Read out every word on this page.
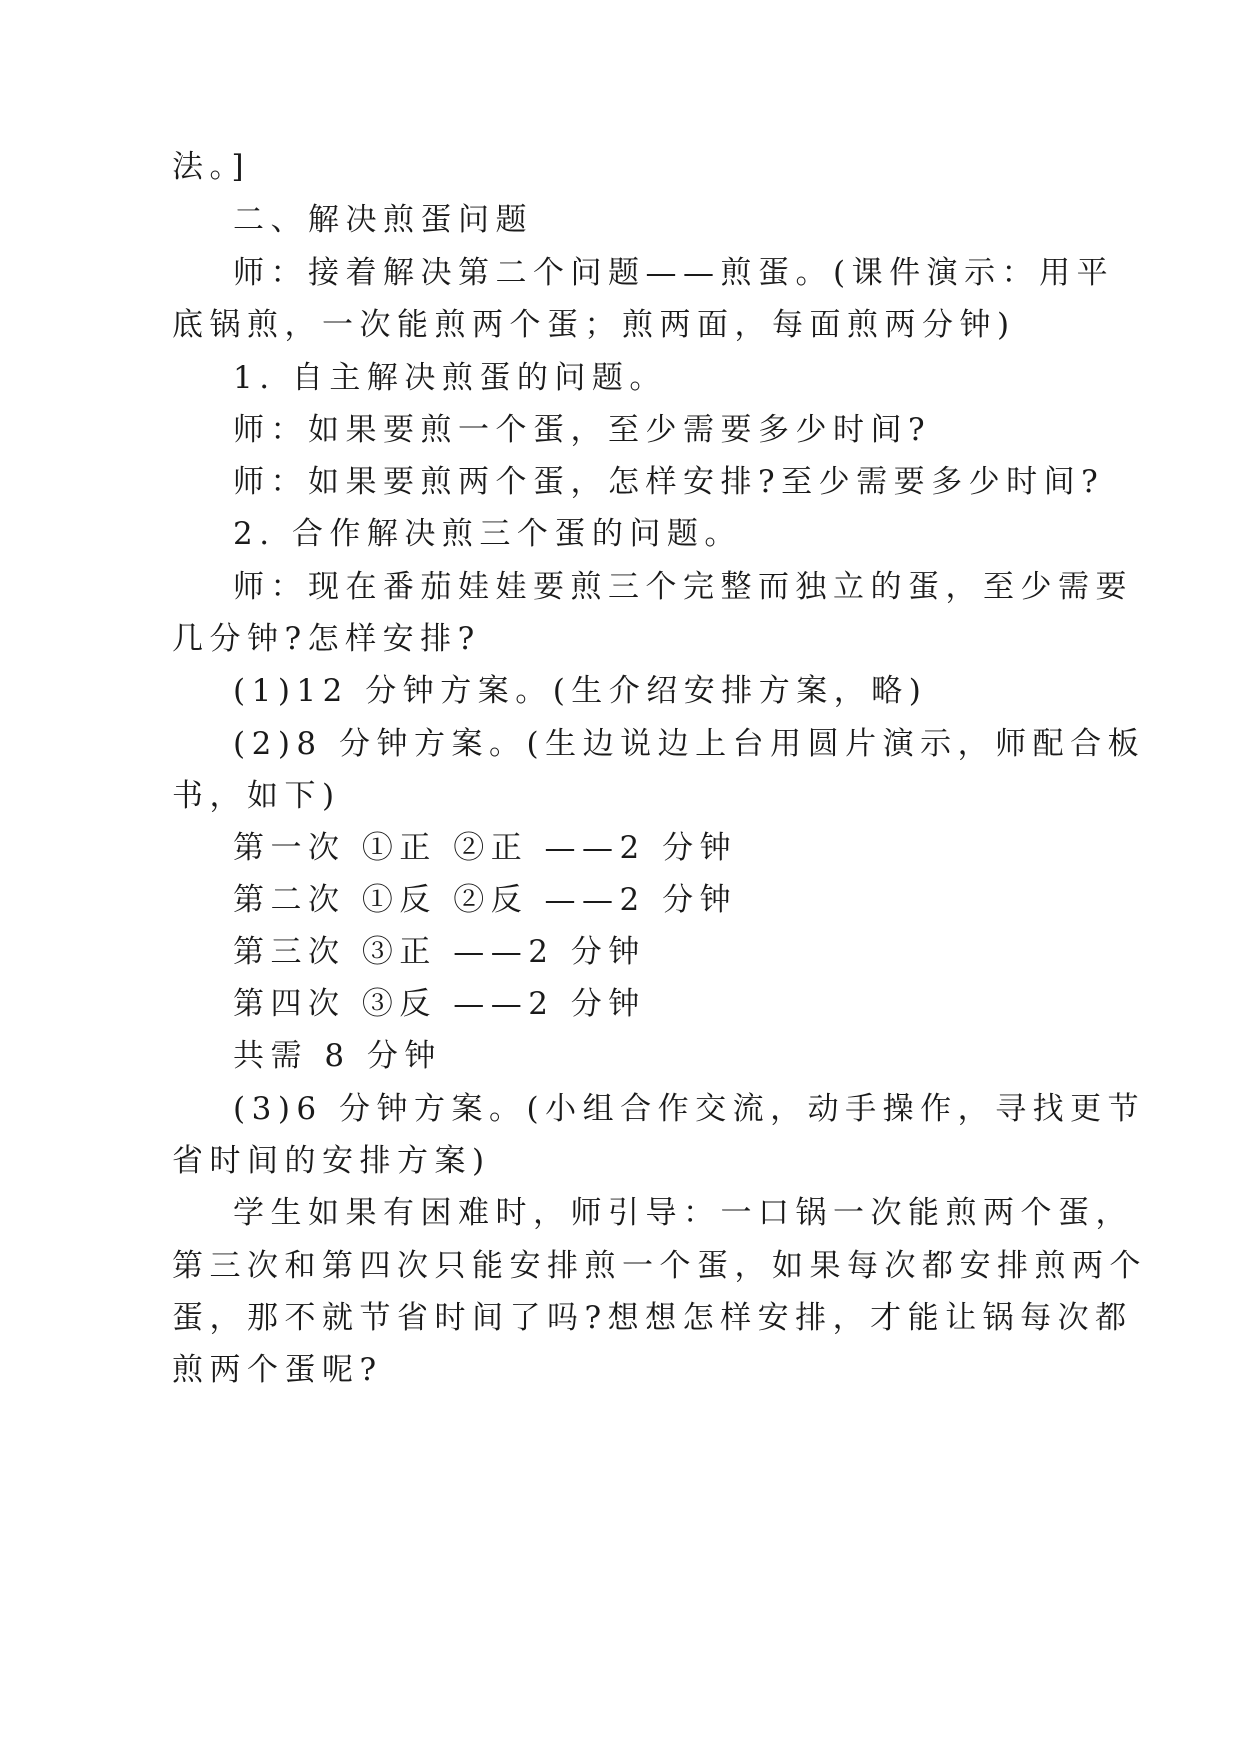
法。]
二、解决煎蛋问题
师：接着解决第二个问题——煎蛋。(课件演示：用平
底锅煎，一次能煎两个蛋；煎两面，每面煎两分钟)
1. 自主解决煎蛋的问题。
师：如果要煎一个蛋，至少需要多少时间?
师：如果要煎两个蛋，怎样安排?至少需要多少时间?
2. 合作解决煎三个蛋的问题。
师：现在番茄娃娃要煎三个完整而独立的蛋，至少需要
几分钟?怎样安排?
(1)12 分钟方案。(生介绍安排方案，略)
(2)8 分钟方案。(生边说边上台用圆片演示，师配合板
书，如下)
第一次 ①正 ②正 ——2 分钟
第二次 ①反 ②反 ——2 分钟
第三次 ③正 ——2 分钟
第四次 ③反 ——2 分钟
共需 8 分钟
(3)6 分钟方案。(小组合作交流，动手操作，寻找更节
省时间的安排方案)
学生如果有困难时，师引导：一口锅一次能煎两个蛋，
第三次和第四次只能安排煎一个蛋，如果每次都安排煎两个
蛋，那不就节省时间了吗?想想怎样安排，才能让锅每次都
煎两个蛋呢?
